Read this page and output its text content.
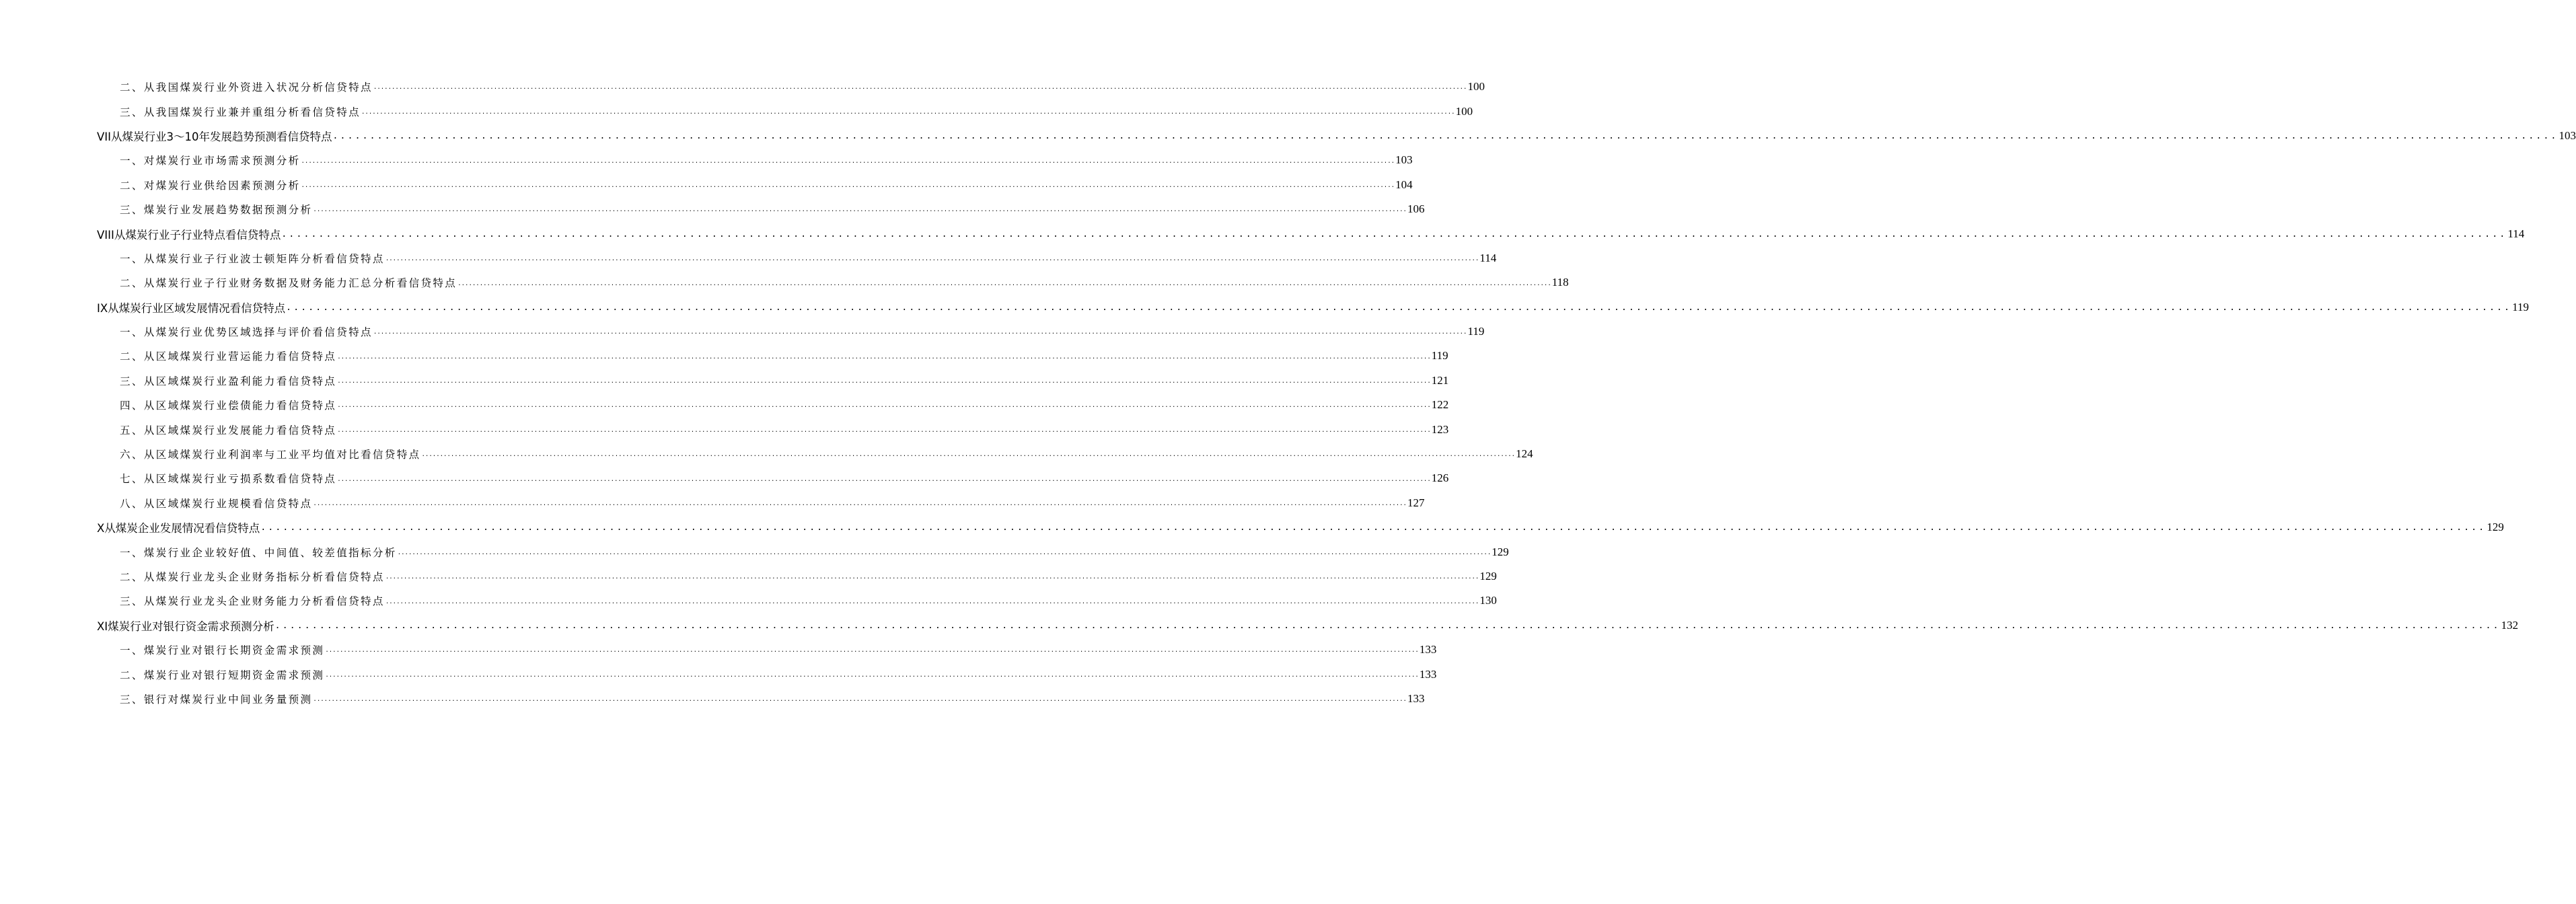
二、从我国煤炭行业外资进入状况分析信贷特点 ............................................................................................................................................................................................................................................................................................................ 100
三、从我国煤炭行业兼并重组分析看信贷特点 ............................................................................................................................................................................................................................................................................................................ 100
VII从煤炭行业3～10年发展趋势预测看信贷特点 ............................................................................................................................................................................................................................................................................................................ 103
一、对煤炭行业市场需求预测分析 ............................................................................................................................................................................................................................................................................................................ 103
二、对煤炭行业供给因素预测分析 ............................................................................................................................................................................................................................................................................................................ 104
三、煤炭行业发展趋势数据预测分析 ............................................................................................................................................................................................................................................................................................................ 106
VIII从煤炭行业子行业特点看信贷特点 ............................................................................................................................................................................................................................................................................................................ 114
一、从煤炭行业子行业波士顿矩阵分析看信贷特点 ............................................................................................................................................................................................................................................................................................................ 114
二、从煤炭行业子行业财务数据及财务能力汇总分析看信贷特点 ............................................................................................................................................................................................................................................................................................................ 118
IX从煤炭行业区域发展情况看信贷特点 ............................................................................................................................................................................................................................................................................................................ 119
一、从煤炭行业优势区域选择与评价看信贷特点 ............................................................................................................................................................................................................................................................................................................ 119
二、从区域煤炭行业营运能力看信贷特点 ............................................................................................................................................................................................................................................................................................................ 119
三、从区域煤炭行业盈利能力看信贷特点 ............................................................................................................................................................................................................................................................................................................ 121
四、从区域煤炭行业偿债能力看信贷特点 ............................................................................................................................................................................................................................................................................................................ 122
五、从区域煤炭行业发展能力看信贷特点 ............................................................................................................................................................................................................................................................................................................ 123
六、从区域煤炭行业利润率与工业平均值对比看信贷特点 ............................................................................................................................................................................................................................................................................................................ 124
七、从区域煤炭行业亏损系数看信贷特点 ............................................................................................................................................................................................................................................................................................................ 126
八、从区域煤炭行业规模看信贷特点 ............................................................................................................................................................................................................................................................................................................ 127
X从煤炭企业发展情况看信贷特点 ............................................................................................................................................................................................................................................................................................................ 129
一、煤炭行业企业较好值、中间值、较差值指标分析 ............................................................................................................................................................................................................................................................................................................ 129
二、从煤炭行业龙头企业财务指标分析看信贷特点 ............................................................................................................................................................................................................................................................................................................ 129
三、从煤炭行业龙头企业财务能力分析看信贷特点 ............................................................................................................................................................................................................................................................................................................ 130
XI煤炭行业对银行资金需求预测分析 ............................................................................................................................................................................................................................................................................................................ 132
一、煤炭行业对银行长期资金需求预测 ............................................................................................................................................................................................................................................................................................................ 133
二、煤炭行业对银行短期资金需求预测 ............................................................................................................................................................................................................................................................................................................ 133
三、银行对煤炭行业中间业务量预测 ............................................................................................................................................................................................................................................................................................................ 133
